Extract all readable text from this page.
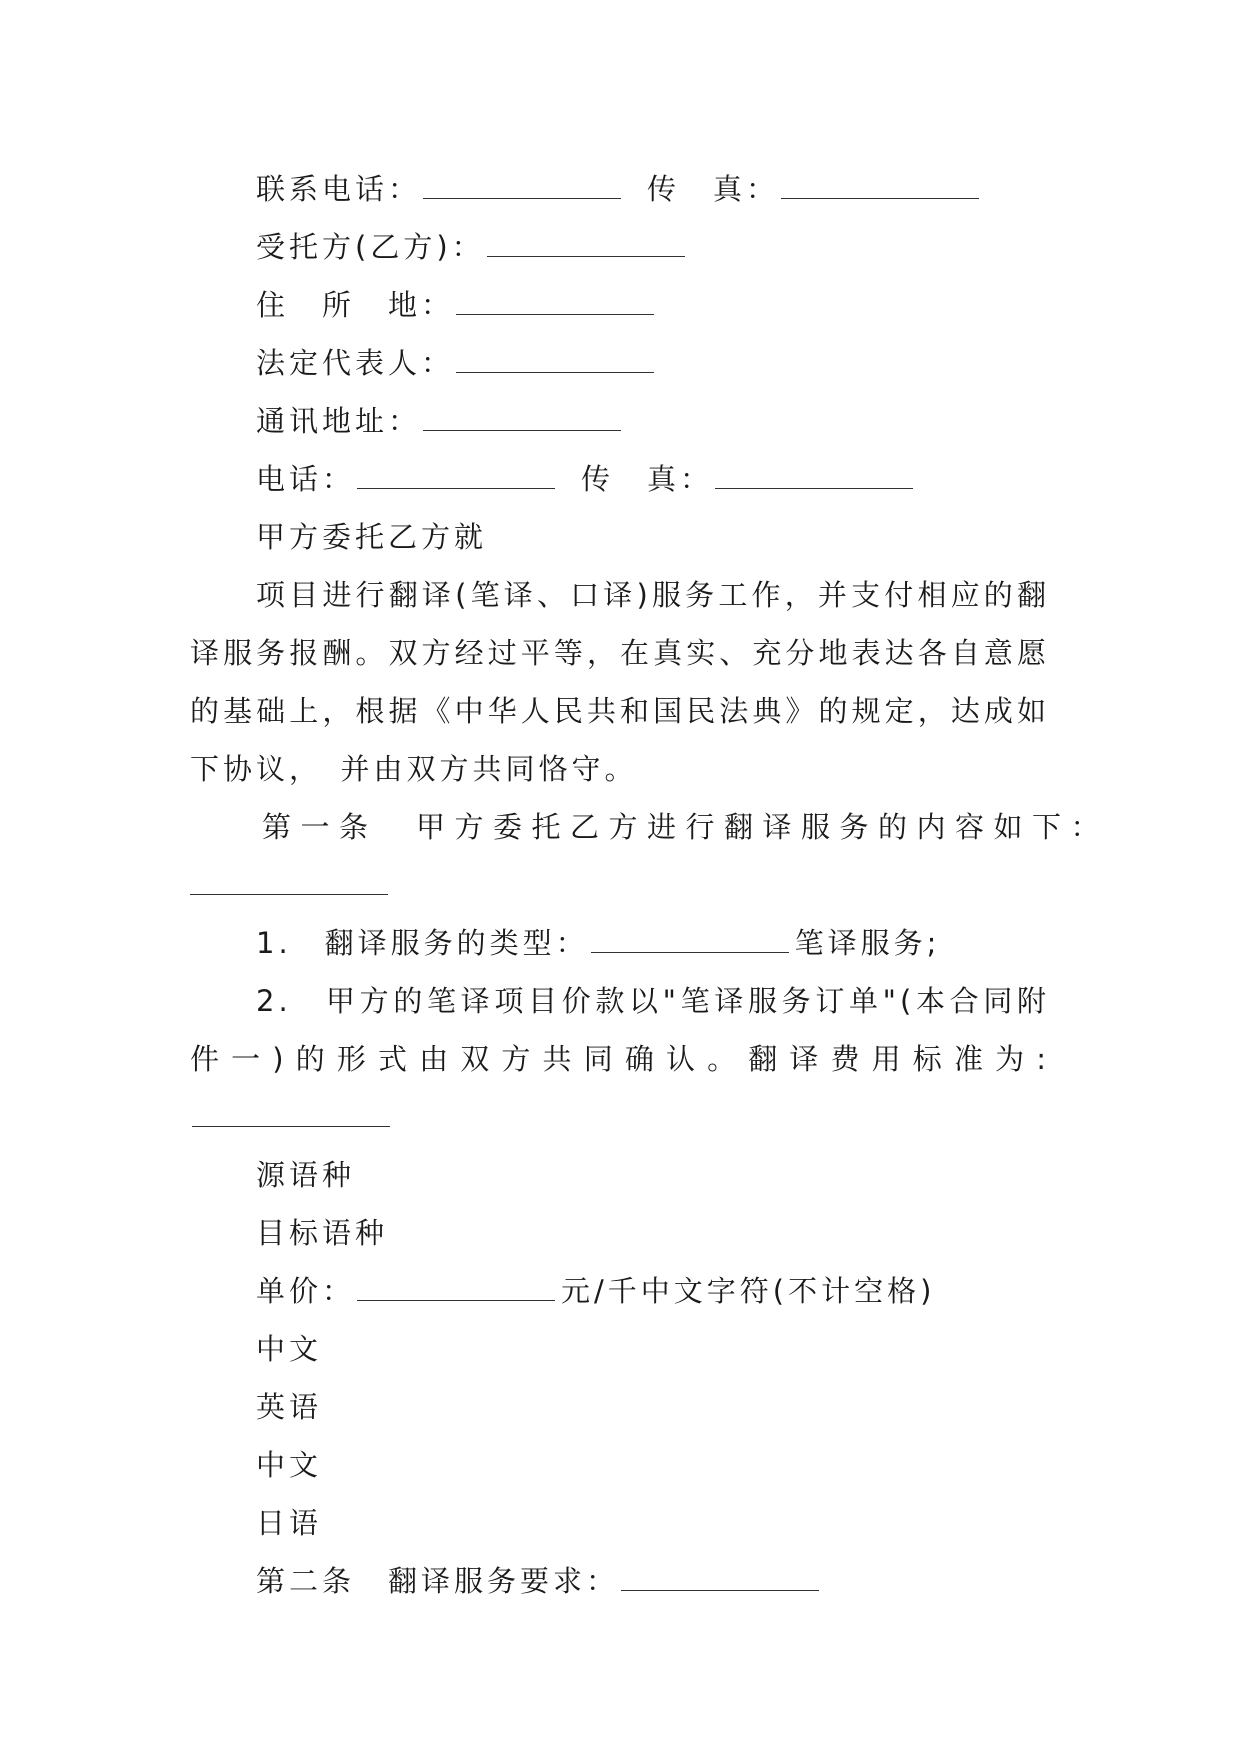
联系电话：	传　真：
受托方(乙方)：
住　所　地：
法定代表人：
通讯地址：
电话：	传　真：
甲方委托乙方就

项目进行翻译(笔译、口译)服务工作，并支付相应的翻译服务报酬。双方经过平等，在真实、充分地表达各自意愿的基础上，根据《中华人民共和国民法典》的规定，达成如下协议，　并由双方共同恪守。

第一条　甲方委托乙方进行翻译服务的内容如下：
1.　翻译服务的类型：	笔译服务;

2.　甲方的笔译项目价款以"笔译服务订单"(本合同附件一)的形式由双方共同确认。翻译费用标准为:

源语种
目标语种
单价：	元/千中文字符(不计空格)
中文
英语
中文
日语
第二条　翻译服务要求：
